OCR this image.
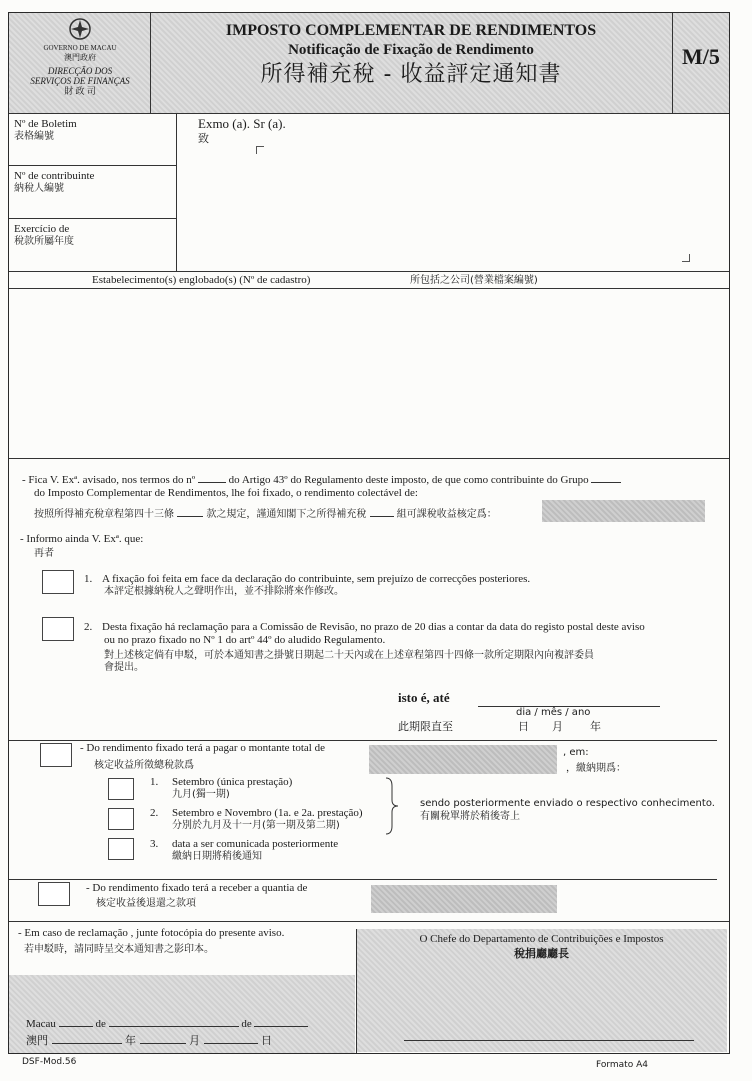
GOVERNO DE MACAU
澳門政府
DIRECÇÃO DOS
SERVIÇOS DE FINANÇAS
財 政 司
IMPOSTO COMPLEMENTAR DE RENDIMENTOS
Notificação de Fixação de Rendimento
所得補充稅 - 收益評定通知書
M/5
Nº de Boletim
表格編號
Nº de contribuinte
納稅人編號
Exercício de
稅款所屬年度
Exmo (a). Sr (a).
致
Estabelecimento(s) englobado(s) (Nº de cadastro)	所包括之公司(營業檔案編號)
- Fica V. Exª. avisado, nos termos do nº	do Artigo 43º do Regulamento deste imposto, de que como contribuinte do Grupo
do Imposto Complementar de Rendimentos, lhe foi fixado, o rendimento colectável de:
按照所得補充稅章程第四十三條	款之規定，謹通知閣下之所得補充稅	組可課稅收益核定爲：
- Informo ainda V. Exª. que:
再者
1. A fixação foi feita em face da declaração do contribuinte, sem prejuízo de correcções posteriores.
本評定根據納稅人之聲明作出，並不排除將來作修改。
2. Desta fixação há reclamação para a Comissão de Revisão, no prazo de 20 dias a contar da data do registo postal deste aviso
ou no prazo fixado no Nº 1 do artº 44º do aludido Regulamento.
對上述核定倘有申駁，可於本通知書之掛號日期起二十天內或在上述章程第四十四條一款所定期限內向複評委員
會提出。
isto é, até
dia / mês / ano
此期限直至	日 月 年
- Do rendimento fixado terá a pagar o montante total de
核定收益所徵總稅款爲
, em:
，繳納期爲：
1. Setembro (única prestação)
九月(獨一期)
2. Setembro e Novembro (1a. e 2a. prestação)
分別於九月及十一月(第一期及第二期)
3. data a ser comunicada posteriormente
繳納日期將稍後通知
sendo posteriormente enviado o respectivo conhecimento.
有關稅單將於稍後寄上
- Do rendimento fixado terá a receber a quantia de
核定收益後退還之款項
- Em caso de reclamação , junte fotocópia do presente aviso.
若申駁時，請同時呈交本通知書之影印本。
O Chefe do Departamento de Contribuições e Impostos
稅捐廳廳長
Macau	de	de
澳門	年	月	日
DSF-Mod.56	Formato A4
